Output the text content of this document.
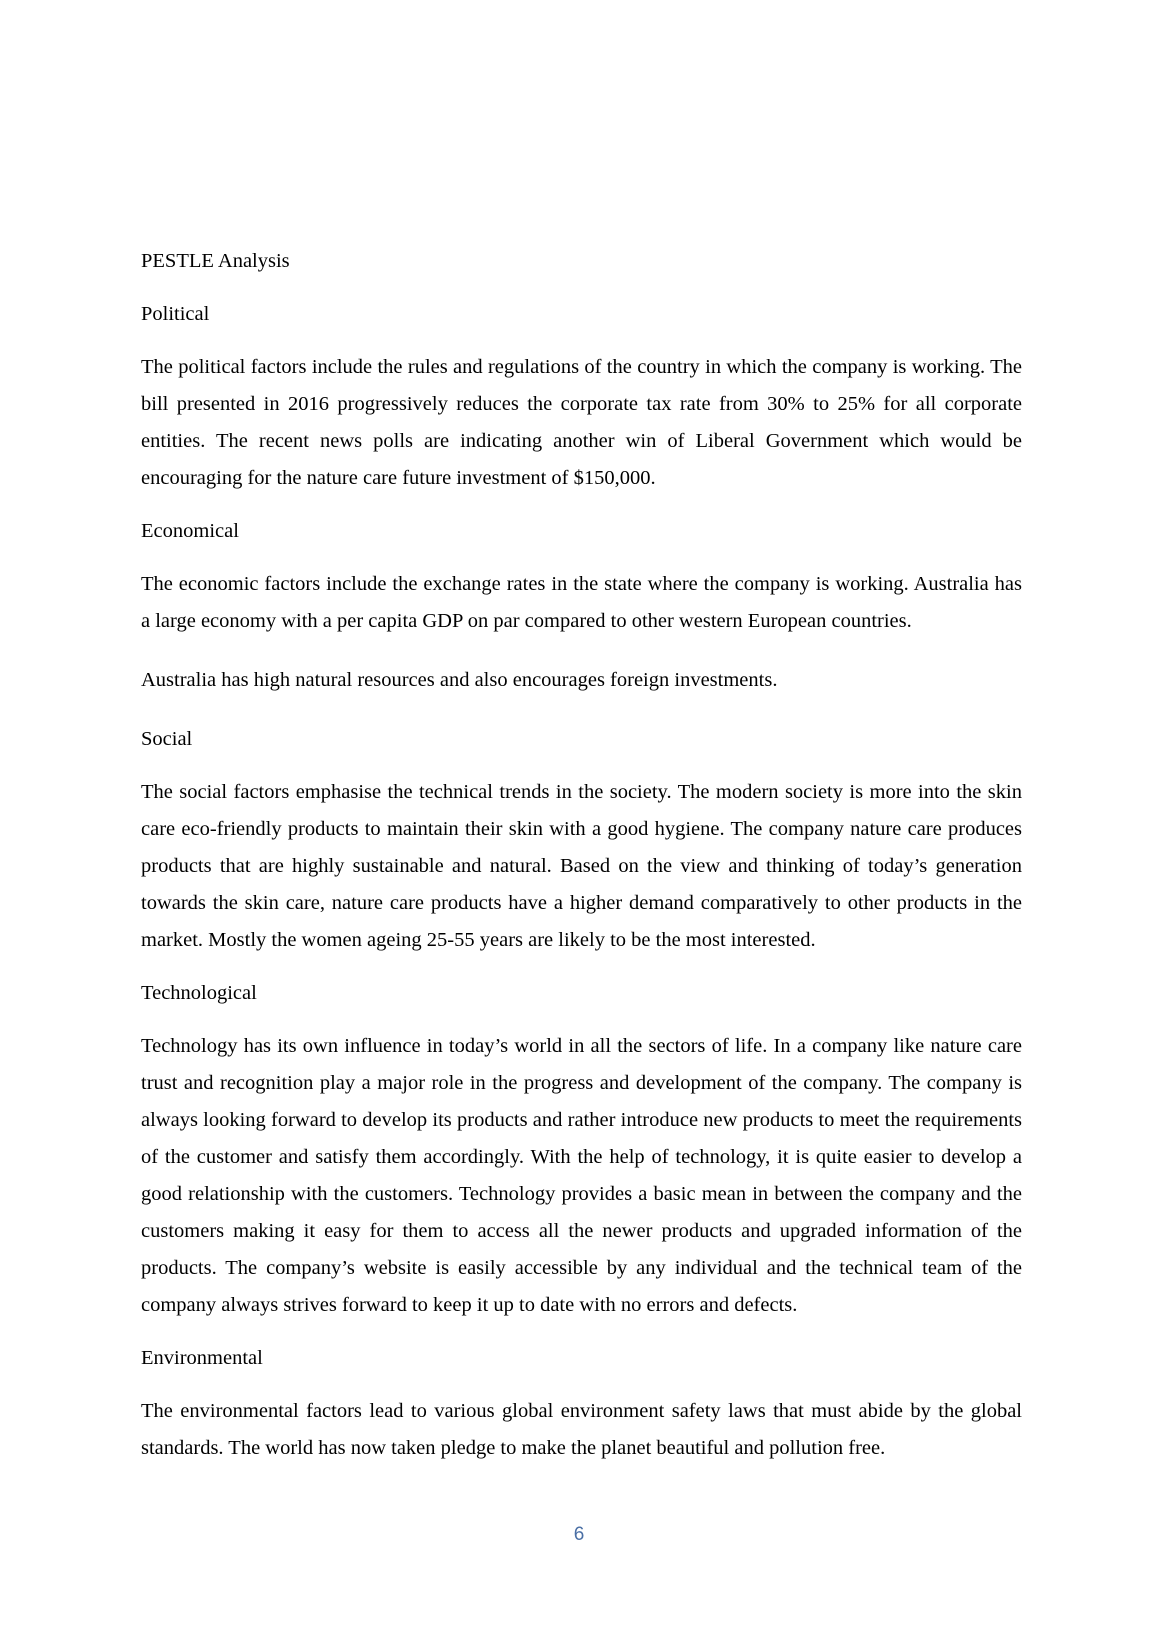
PESTLE Analysis
Political

The political factors include the rules and regulations of the country in which the company is working. The bill presented in 2016 progressively reduces the corporate tax rate from 30% to 25% for all corporate entities. The recent news polls are indicating another win of Liberal Government which would be encouraging for the nature care future investment of $150,000.

Economical

The economic factors include the exchange rates in the state where the company is working. Australia has a large economy with a per capita GDP on par compared to other western European countries.

Australia has high natural resources and also encourages foreign investments.

Social

The social factors emphasise the technical trends in the society. The modern society is more into the skin care eco-friendly products to maintain their skin with a good hygiene. The company nature care produces products that are highly sustainable and natural. Based on the view and thinking of today’s generation towards the skin care, nature care products have a higher demand comparatively to other products in the market. Mostly the women ageing 25-55 years are likely to be the most interested.

Technological

Technology has its own influence in today’s world in all the sectors of life. In a company like nature care trust and recognition play a major role in the progress and development of the company. The company is always looking forward to develop its products and rather introduce new products to meet the requirements of the customer and satisfy them accordingly. With the help of technology, it is quite easier to develop a good relationship with the customers. Technology provides a basic mean in between the company and the customers making it easy for them to access all the newer products and upgraded information of the products. The company’s website is easily accessible by any individual and the technical team of the company always strives forward to keep it up to date with no errors and defects.

Environmental

The environmental factors lead to various global environment safety laws that must abide by the global standards. The world has now taken pledge to make the planet beautiful and pollution free.

6
